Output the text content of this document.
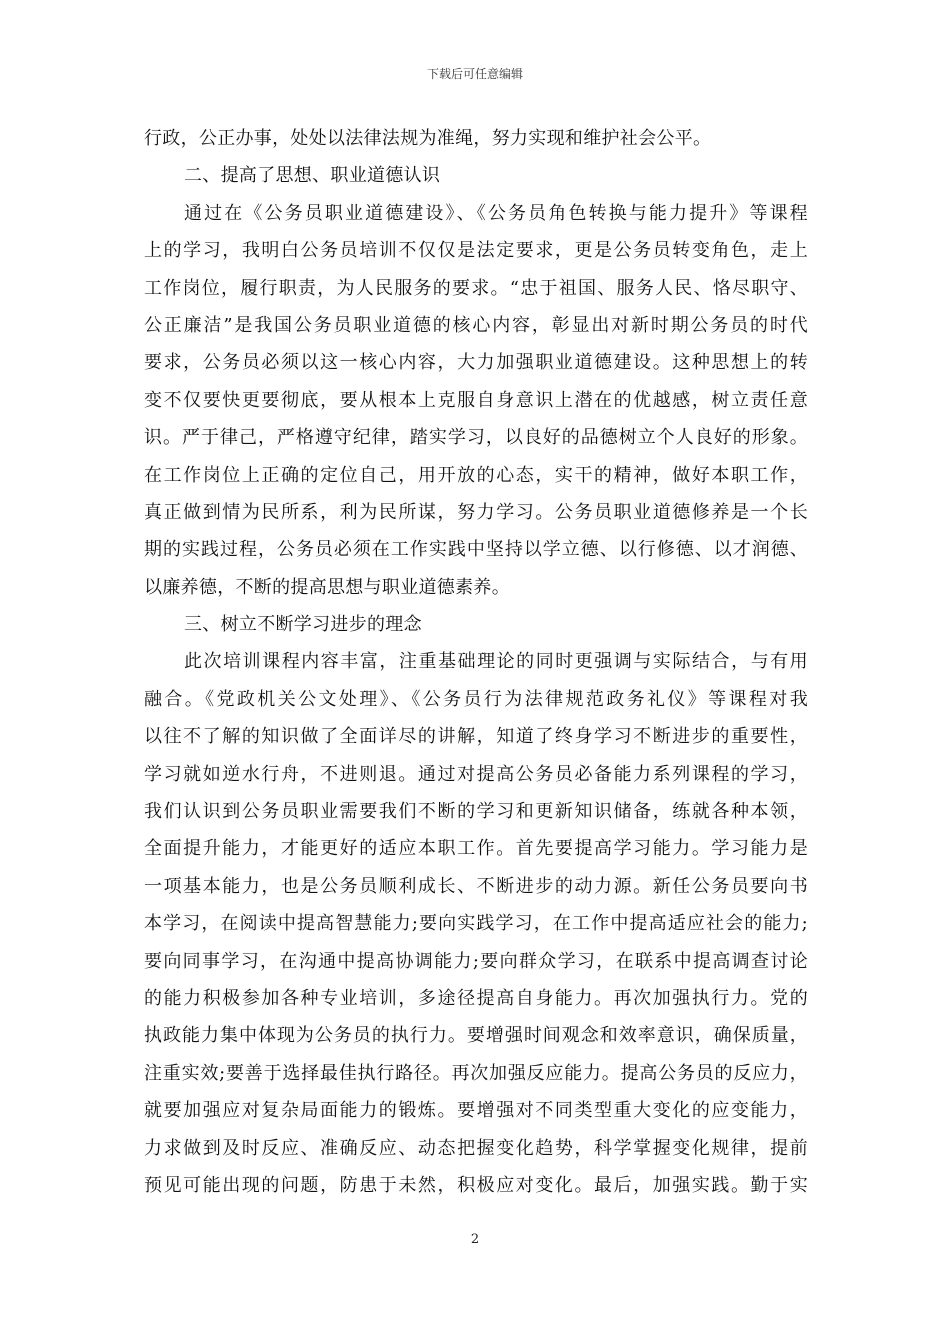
下载后可任意编辑
行政，公正办事，处处以法律法规为准绳，努力实现和维护社会公平。
二、提高了思想、职业道德认识
通过在《公务员职业道德建设》、《公务员角色转换与能力提升》等课程
上的学习，我明白公务员培训不仅仅是法定要求，更是公务员转变角色，走上
工作岗位，履行职责，为人民服务的要求。“忠于祖国、服务人民、恪尽职守、
公正廉洁”是我国公务员职业道德的核心内容，彰显出对新时期公务员的时代
要求，公务员必须以这一核心内容，大力加强职业道德建设。这种思想上的转
变不仅要快更要彻底，要从根本上克服自身意识上潜在的优越感，树立责任意
识。严于律己，严格遵守纪律，踏实学习，以良好的品德树立个人良好的形象。
在工作岗位上正确的定位自己，用开放的心态，实干的精神，做好本职工作，
真正做到情为民所系，利为民所谋，努力学习。公务员职业道德修养是一个长
期的实践过程，公务员必须在工作实践中坚持以学立德、以行修德、以才润德、
以廉养德，不断的提高思想与职业道德素养。
三、树立不断学习进步的理念
此次培训课程内容丰富，注重基础理论的同时更强调与实际结合，与有用
融合。《党政机关公文处理》、《公务员行为法律规范政务礼仪》等课程对我
以往不了解的知识做了全面详尽的讲解，知道了终身学习不断进步的重要性，
学习就如逆水行舟，不进则退。通过对提高公务员必备能力系列课程的学习，
我们认识到公务员职业需要我们不断的学习和更新知识储备，练就各种本领，
全面提升能力，才能更好的适应本职工作。首先要提高学习能力。学习能力是
一项基本能力，也是公务员顺利成长、不断进步的动力源。新任公务员要向书
本学习，在阅读中提高智慧能力;要向实践学习，在工作中提高适应社会的能力;
要向同事学习，在沟通中提高协调能力;要向群众学习，在联系中提高调查讨论
的能力积极参加各种专业培训，多途径提高自身能力。再次加强执行力。党的
执政能力集中体现为公务员的执行力。要增强时间观念和效率意识，确保质量，
注重实效;要善于选择最佳执行路径。再次加强反应能力。提高公务员的反应力，
就要加强应对复杂局面能力的锻炼。要增强对不同类型重大变化的应变能力，
力求做到及时反应、准确反应、动态把握变化趋势，科学掌握变化规律，提前
预见可能出现的问题，防患于未然，积极应对变化。最后，加强实践。勤于实
2
